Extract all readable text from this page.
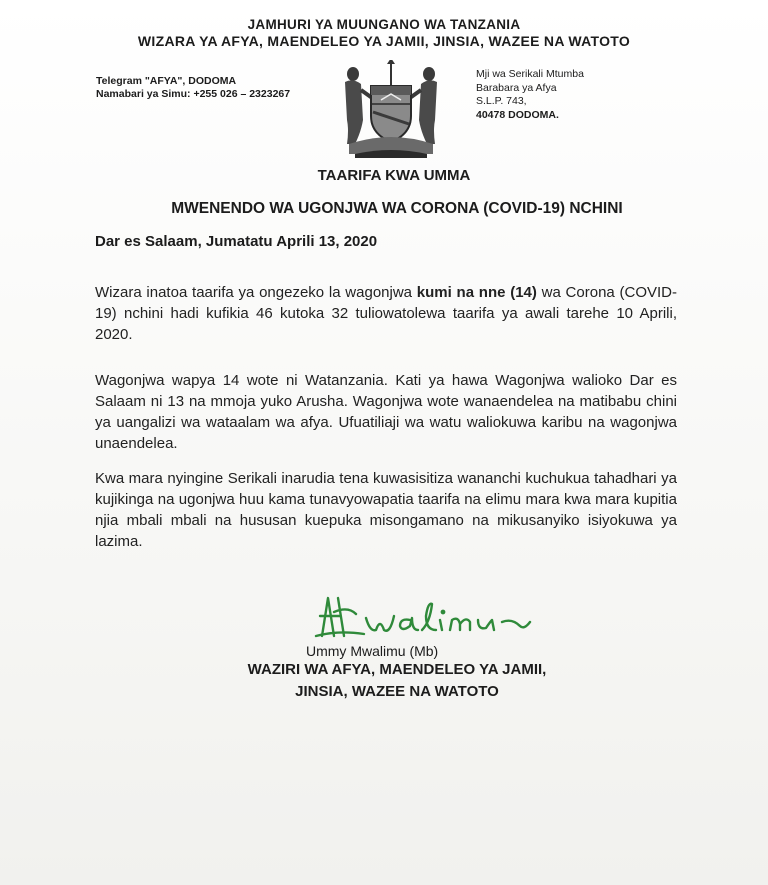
JAMHURI YA MUUNGANO WA TANZANIA
WIZARA YA AFYA, MAENDELEO YA JAMII, JINSIA, WAZEE NA WATOTO
Telegram "AFYA", DODOMA
Namabari ya Simu: +255 026 – 2323267
Mji wa Serikali Mtumba
Barabara ya Afya
S.L.P. 743,
40478 DODOMA.
TAARIFA KWA UMMA
MWENENDO WA UGONJWA WA CORONA (COVID-19) NCHINI
Dar es Salaam, Jumatatu Aprili 13, 2020
Wizara inatoa taarifa ya ongezeko la wagonjwa kumi na nne (14) wa Corona (COVID-19) nchini hadi kufikia 46 kutoka 32 tuliowatolewa taarifa ya awali tarehe 10 Aprili, 2020.
Wagonjwa wapya 14 wote ni Watanzania. Kati ya hawa Wagonjwa walioko Dar es Salaam ni 13 na mmoja yuko Arusha. Wagonjwa wote wanaendelea na matibabu chini ya uangalizi wa wataalam wa afya. Ufuatiliaji wa watu waliokuwa karibu na wagonjwa unaendelea.
Kwa mara nyingine Serikali inarudia tena kuwasisitiza wananchi kuchukua tahadhari ya kujikinga na ugonjwa huu kama tunavyowapatia taarifa na elimu mara kwa mara kupitia njia mbali mbali na hususan kuepuka misongamano na mikusanyiko isiyokuwa ya lazima.
Ummy Mwalimu (Mb)
WAZIRI WA AFYA, MAENDELEO YA JAMII,
JINSIA, WAZEE NA WATOTO
